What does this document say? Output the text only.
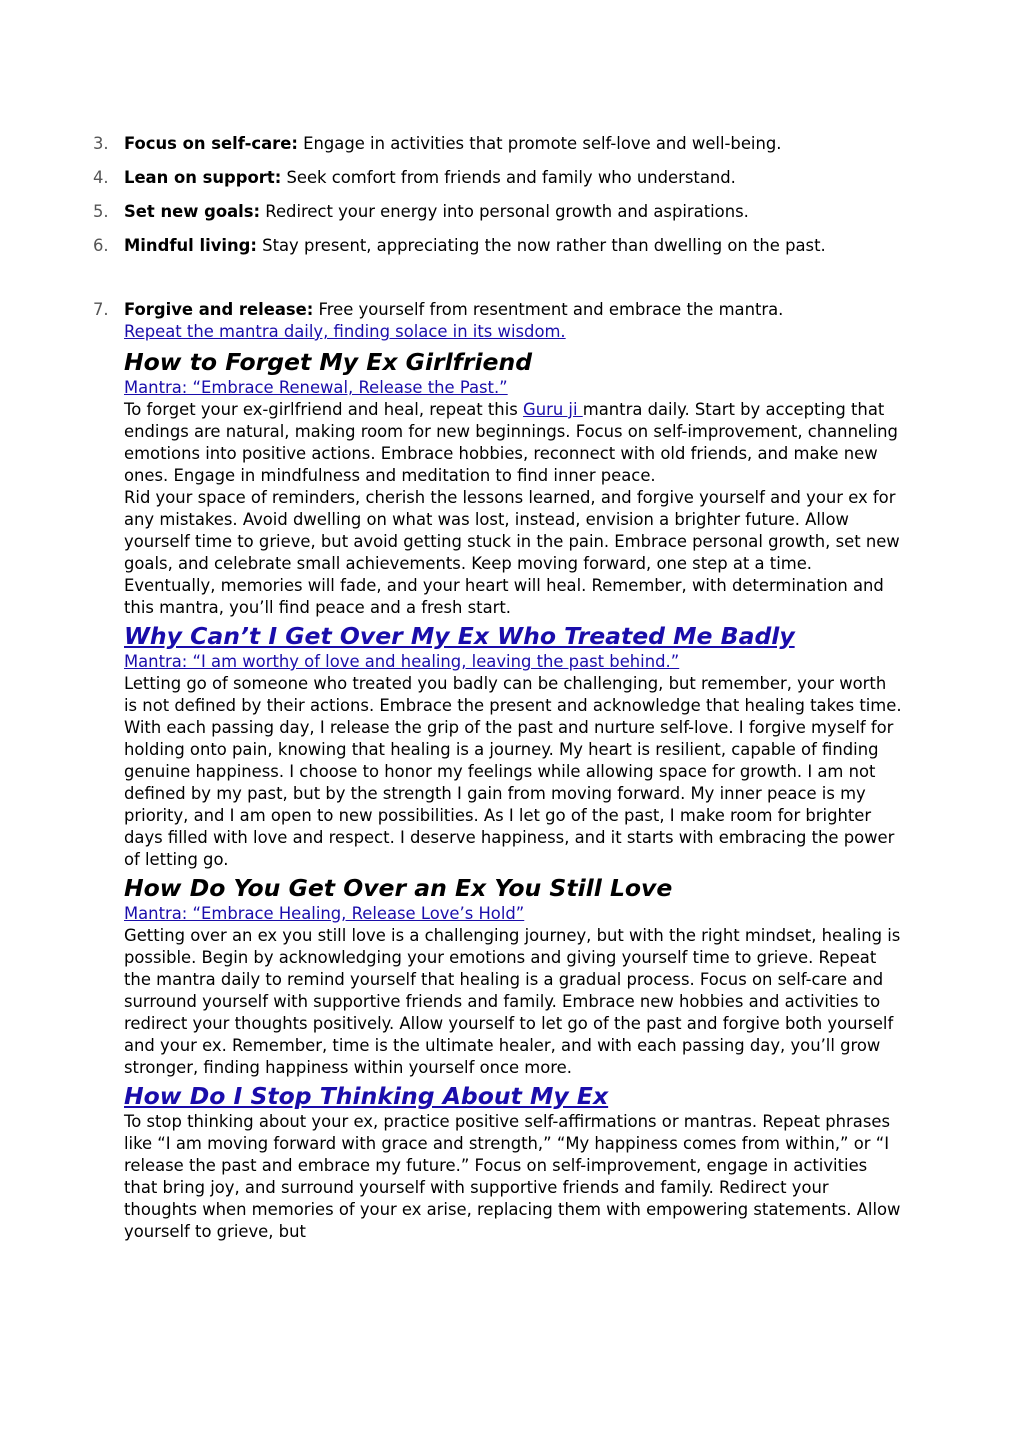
3. Focus on self-care: Engage in activities that promote self-love and well-being.
4. Lean on support: Seek comfort from friends and family who understand.
5. Set new goals: Redirect your energy into personal growth and aspirations.
6. Mindful living: Stay present, appreciating the now rather than dwelling on the past.
7. Forgive and release: Free yourself from resentment and embrace the mantra.
Repeat the mantra daily, finding solace in its wisdom.
How to Forget My Ex Girlfriend

Mantra: “Embrace Renewal, Release the Past.”

To forget your ex-girlfriend and heal, repeat this Guru ji mantra daily. Start by accepting that endings are natural, making room for new beginnings. Focus on self-improvement, channeling emotions into positive actions. Embrace hobbies, reconnect with old friends, and make new ones. Engage in mindfulness and meditation to find inner peace.

Rid your space of reminders, cherish the lessons learned, and forgive yourself and your ex for any mistakes. Avoid dwelling on what was lost, instead, envision a brighter future. Allow yourself time to grieve, but avoid getting stuck in the pain. Embrace personal growth, set new goals, and celebrate small achievements. Keep moving forward, one step at a time. Eventually, memories will fade, and your heart will heal. Remember, with determination and this mantra, you’ll find peace and a fresh start.

Why Can’t I Get Over My Ex Who Treated Me Badly

Mantra: “I am worthy of love and healing, leaving the past behind.”

Letting go of someone who treated you badly can be challenging, but remember, your worth is not defined by their actions. Embrace the present and acknowledge that healing takes time. With each passing day, I release the grip of the past and nurture self-love. I forgive myself for holding onto pain, knowing that healing is a journey. My heart is resilient, capable of finding genuine happiness. I choose to honor my feelings while allowing space for growth. I am not defined by my past, but by the strength I gain from moving forward. My inner peace is my priority, and I am open to new possibilities. As I let go of the past, I make room for brighter days filled with love and respect. I deserve happiness, and it starts with embracing the power of letting go.

How Do You Get Over an Ex You Still Love

Mantra: “Embrace Healing, Release Love’s Hold”

Getting over an ex you still love is a challenging journey, but with the right mindset, healing is possible. Begin by acknowledging your emotions and giving yourself time to grieve. Repeat the mantra daily to remind yourself that healing is a gradual process. Focus on self-care and surround yourself with supportive friends and family. Embrace new hobbies and activities to redirect your thoughts positively. Allow yourself to let go of the past and forgive both yourself and your ex. Remember, time is the ultimate healer, and with each passing day, you’ll grow stronger, finding happiness within yourself once more.

How Do I Stop Thinking About My Ex

To stop thinking about your ex, practice positive self-affirmations or mantras. Repeat phrases like “I am moving forward with grace and strength,” “My happiness comes from within,” or “I release the past and embrace my future.” Focus on self-improvement, engage in activities that bring joy, and surround yourself with supportive friends and family. Redirect your thoughts when memories of your ex arise, replacing them with empowering statements. Allow yourself to grieve, but
